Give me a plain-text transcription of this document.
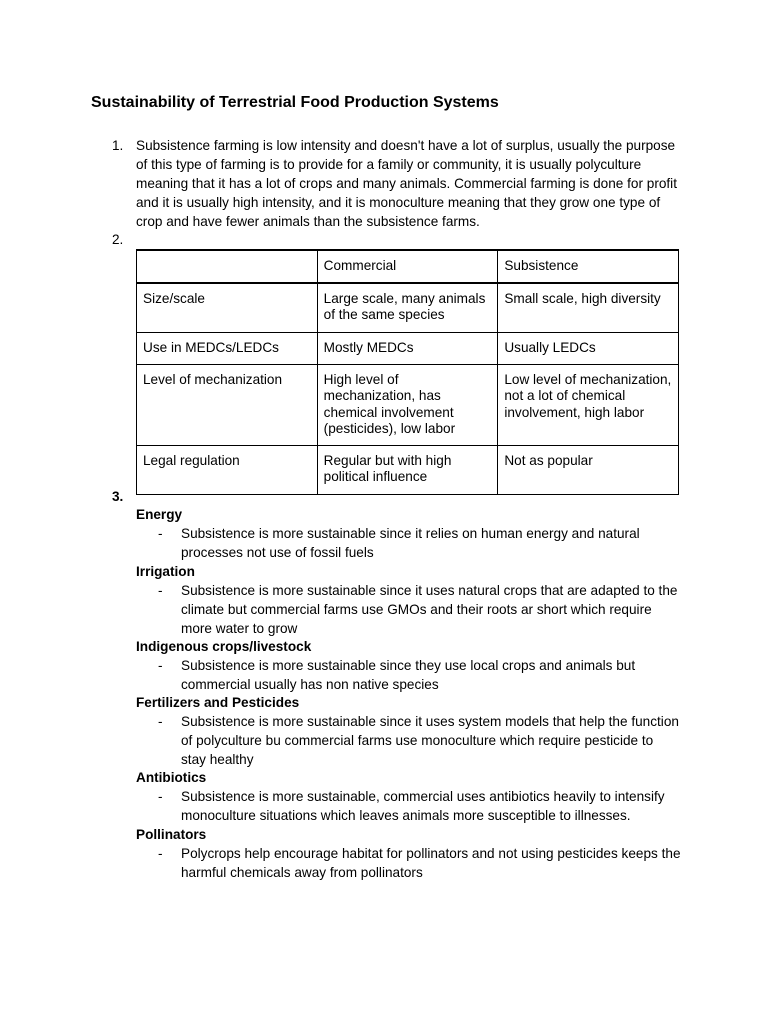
Sustainability of Terrestrial Food Production Systems
1. Subsistence farming is low intensity and doesn't have a lot of surplus, usually the purpose of this type of farming is to provide for a family or community, it is usually polyculture meaning that it has a lot of crops and many animals. Commercial farming is done for profit and it is usually high intensity, and it is monoculture meaning that they grow one type of crop and have fewer animals than the subsistence farms.
2.
	Commercial	Subsistence
Size/scale	Large scale, many animals of the same species	Small scale, high diversity
Use in MEDCs/LEDCs	Mostly MEDCs	Usually LEDCs
Level of mechanization	High level of mechanization, has chemical involvement (pesticides), low labor	Low level of mechanization, not a lot of chemical involvement, high labor
Legal regulation	Regular but with high political influence	Not as popular
3.
Energy
- Subsistence is more sustainable since it relies on human energy and natural processes not use of fossil fuels
Irrigation
- Subsistence is more sustainable since it uses natural crops that are adapted to the climate but commercial farms use GMOs and their roots ar short which require more water to grow
Indigenous crops/livestock
- Subsistence is more sustainable since they use local crops and animals but commercial usually has non native species
Fertilizers and Pesticides
- Subsistence is more sustainable since it uses system models that help the function of polyculture bu commercial farms use monoculture which require pesticide to stay healthy
Antibiotics
- Subsistence is more sustainable, commercial uses antibiotics heavily to intensify monoculture situations which leaves animals more susceptible to illnesses.
Pollinators
- Polycrops help encourage habitat for pollinators and not using pesticides keeps the harmful chemicals away from pollinators
